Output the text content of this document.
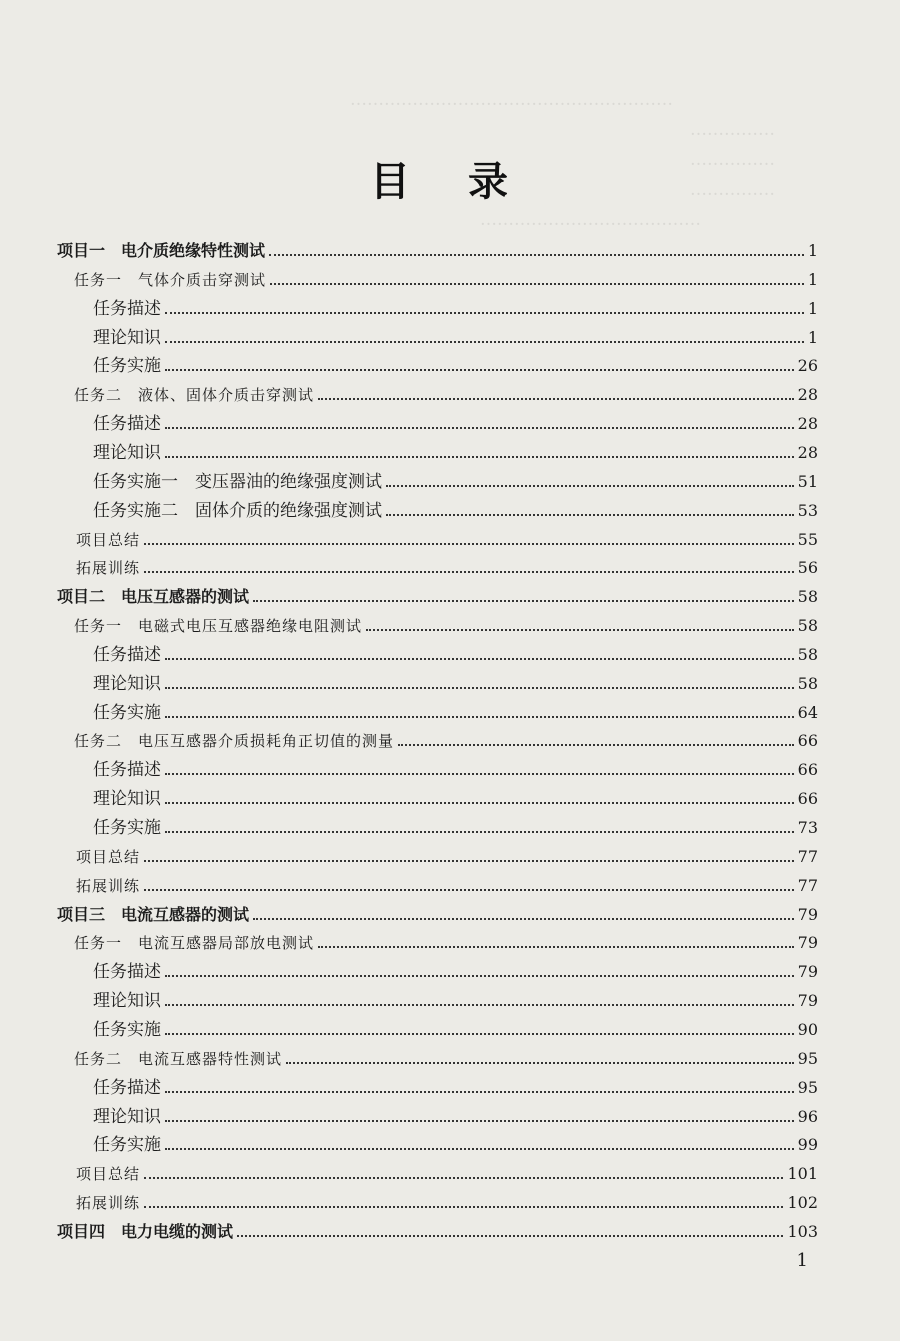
…………………………………………………
……………
……………
……………
…………………………………
目 录
项目一　电介质绝缘特性测试	1
任务一　气体介质击穿测试	1
任务描述	1
理论知识	1
任务实施	26
任务二　液体、固体介质击穿测试	28
任务描述	28
理论知识	28
任务实施一　变压器油的绝缘强度测试	51
任务实施二　固体介质的绝缘强度测试	53
项目总结	55
拓展训练	56
项目二　电压互感器的测试	58
任务一　电磁式电压互感器绝缘电阻测试	58
任务描述	58
理论知识	58
任务实施	64
任务二　电压互感器介质损耗角正切值的测量	66
任务描述	66
理论知识	66
任务实施	73
项目总结	77
拓展训练	77
项目三　电流互感器的测试	79
任务一　电流互感器局部放电测试	79
任务描述	79
理论知识	79
任务实施	90
任务二　电流互感器特性测试	95
任务描述	95
理论知识	96
任务实施	99
项目总结	101
拓展训练	102
项目四　电力电缆的测试	103
1
